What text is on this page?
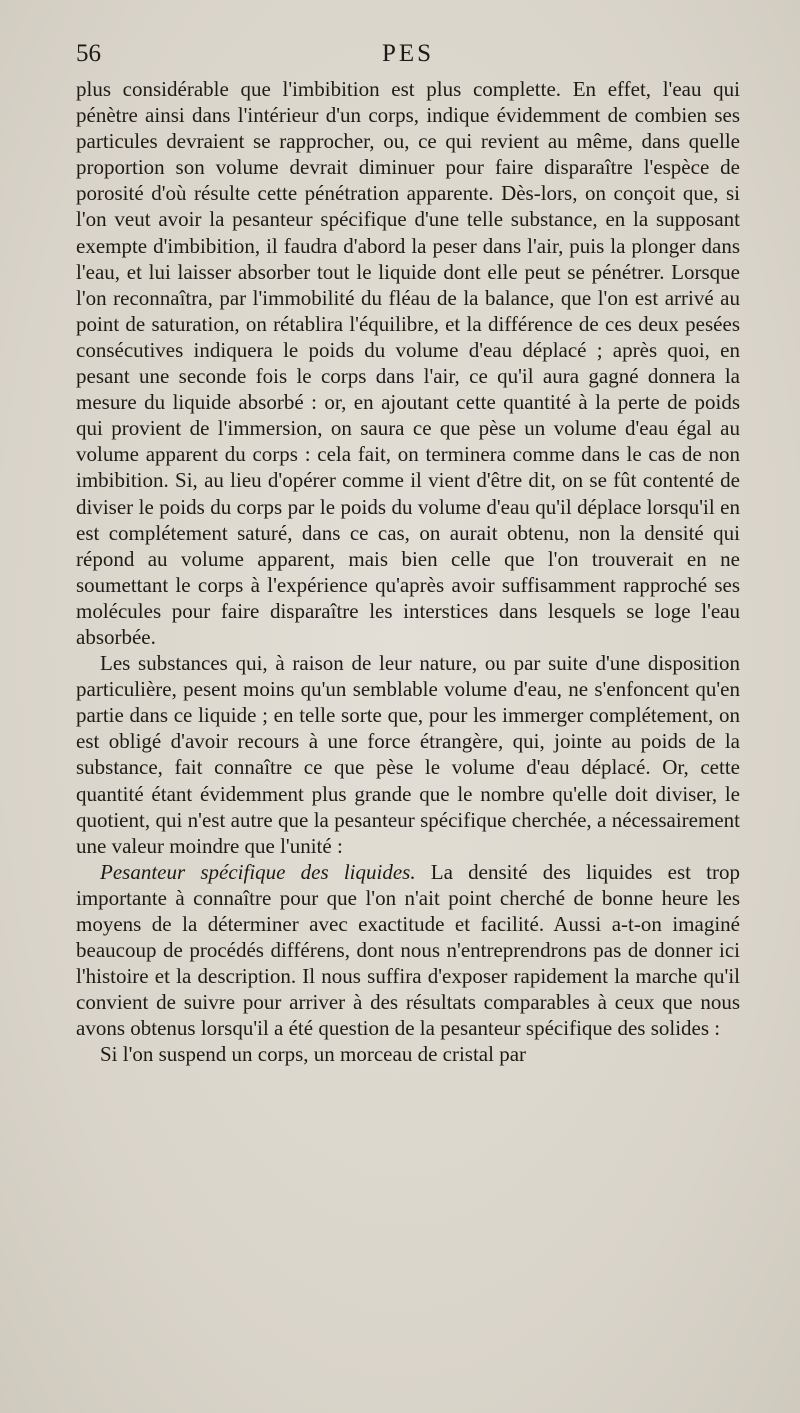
56	PES

plus considérable que l'imbibition est plus complette. En effet, l'eau qui pénètre ainsi dans l'intérieur d'un corps, indique évidemment de combien ses particules devraient se rapprocher, ou, ce qui revient au même, dans quelle proportion son volume devrait diminuer pour faire disparaître l'espèce de porosité d'où résulte cette pénétration apparente. Dès-lors, on conçoit que, si l'on veut avoir la pesanteur spécifique d'une telle substance, en la supposant exempte d'imbibition, il faudra d'abord la peser dans l'air, puis la plonger dans l'eau, et lui laisser absorber tout le liquide dont elle peut se pénétrer. Lorsque l'on reconnaîtra, par l'immobilité du fléau de la balance, que l'on est arrivé au point de saturation, on rétablira l'équilibre, et la différence de ces deux pesées consécutives indiquera le poids du volume d'eau déplacé ; après quoi, en pesant une seconde fois le corps dans l'air, ce qu'il aura gagné donnera la mesure du liquide absorbé : or, en ajoutant cette quantité à la perte de poids qui provient de l'immersion, on saura ce que pèse un volume d'eau égal au volume apparent du corps : cela fait, on terminera comme dans le cas de non imbibition. Si, au lieu d'opérer comme il vient d'être dit, on se fût contenté de diviser le poids du corps par le poids du volume d'eau qu'il déplace lorsqu'il en est complétement saturé, dans ce cas, on aurait obtenu, non la densité qui répond au volume apparent, mais bien celle que l'on trouverait en ne soumettant le corps à l'expérience qu'après avoir suffisamment rapproché ses molécules pour faire disparaître les interstices dans lesquels se loge l'eau absorbée.

Les substances qui, à raison de leur nature, ou par suite d'une disposition particulière, pesent moins qu'un semblable volume d'eau, ne s'enfoncent qu'en partie dans ce liquide ; en telle sorte que, pour les immerger complétement, on est obligé d'avoir recours à une force étrangère, qui, jointe au poids de la substance, fait connaître ce que pèse le volume d'eau déplacé. Or, cette quantité étant évidemment plus grande que le nombre qu'elle doit diviser, le quotient, qui n'est autre que la pesanteur spécifique cherchée, a nécessairement une valeur moindre que l'unité :

Pesanteur spécifique des liquides. La densité des liquides est trop importante à connaître pour que l'on n'ait point cherché de bonne heure les moyens de la déterminer avec exactitude et facilité. Aussi a-t-on imaginé beaucoup de procédés différens, dont nous n'entreprendrons pas de donner ici l'histoire et la description. Il nous suffira d'exposer rapidement la marche qu'il convient de suivre pour arriver à des résultats comparables à ceux que nous avons obtenus lorsqu'il a été question de la pesanteur spécifique des solides :

Si l'on suspend un corps, un morceau de cristal par
